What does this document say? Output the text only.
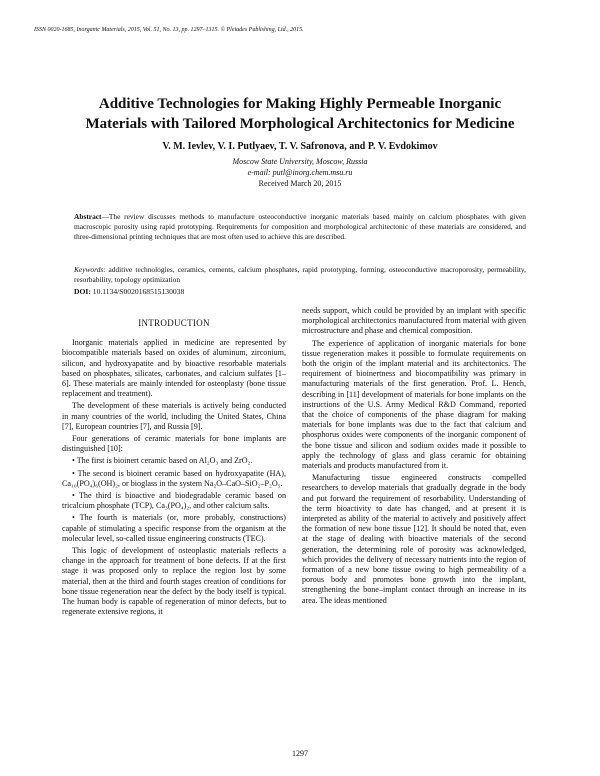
ISSN 0020-1685, Inorganic Materials, 2015, Vol. 51, No. 13, pp. 1297–1315. © Pleiades Publishing, Ltd., 2015.
Additive Technologies for Making Highly Permeable Inorganic
Materials with Tailored Morphological Architectonics for Medicine
V. M. Ievlev, V. I. Putlyaev, T. V. Safronova, and P. V. Evdokimov
Moscow State University, Moscow, Russia
e-mail: putl@inorg.chem.msu.ru
Received March 20, 2015

Abstract—The review discusses methods to manufacture osteoconductive inorganic materials based mainly on calcium phosphates with given macroscopic porosity using rapid prototyping. Requirements for composition and morphological architectonic of these materials are considered, and three-dimensional printing techniques that are most often used to achieve this are described.

Keywords: additive technologies, ceramics, cements, calcium phosphates, rapid prototyping, forming, osteoconductive macroporosity, permeability, resorbability, topology optimization

DOI: 10.1134/S0020168515130038
INTRODUCTION

Inorganic materials applied in medicine are represented by biocompatible materials based on oxides of aluminum, zirconium, silicon, and hydroxyapatite and by bioactive resorbable materials based on phosphates, silicates, carbonates, and calcium sulfates [1–6]. These materials are mainly intended for osteoplasty (bone tissue replacement and treatment).

The development of these materials is actively being conducted in many countries of the world, including the United States, China [7], European countries [7], and Russia [9].

Four generations of ceramic materials for bone implants are distinguished [10]:

• The first is bioinert ceramic based on Al₂O₃ and ZrO₂.

• The second is bioinert ceramic based on hydroxyapatite (HA), Ca₁₀(PO₄)₆(OH)₂, or bioglass in the system Na₂O–CaO–SiO₂–P₂O₅.

• The third is bioactive and biodegradable ceramic based on tricalcium phosphate (TCP), Ca₃(PO₄)₂, and other calcium salts.

• The fourth is materials (or, more probably, constructions) capable of stimulating a specific response from the organism at the molecular level, so-called tissue engineering constructs (TEC).

This logic of development of osteoplastic materials reflects a change in the approach for treatment of bone defects. If at the first stage it was proposed only to replace the region lost by some material, then at the third and fourth stages creation of conditions for bone tissue regeneration near the defect by the body itself is typical. The human body is capable of regeneration of minor defects, but to regenerate extensive regions, it

needs support, which could be provided by an implant with specific morphological architectonics manufactured from material with given microstructure and phase and chemical composition.

The experience of application of inorganic materials for bone tissue regeneration makes it possible to formulate requirements on both the origin of the implant material and its architectonics. The requirement of bioinertness and biocompatibility was primary in manufacturing materials of the first generation. Prof. L. Hench, describing in [11] development of materials for bone implants on the instructions of the U.S. Army Medical R&D Command, reported that the choice of components of the phase diagram for making materials for bone implants was due to the fact that calcium and phosphorus oxides were components of the inorganic component of the bone tissue and silicon and sodium oxides made it possible to apply the technology of glass and glass ceramic for obtaining materials and products manufactured from it.

Manufacturing tissue engineered constructs compelled researchers to develop materials that gradually degrade in the body and put forward the requirement of resorbability. Understanding of the term bioactivity to date has changed, and at present it is interpreted as ability of the material to actively and positively affect the formation of new bone tissue [12]. It should be noted that, even at the stage of dealing with bioactive materials of the second generation, the determining role of porosity was acknowledged, which provides the delivery of necessary nutrients into the region of formation of a new bone tissue owing to high permeability of a porous body and promotes bone growth into the implant, strengthening the bone–implant contact through an increase in its area. The ideas mentioned

1297
